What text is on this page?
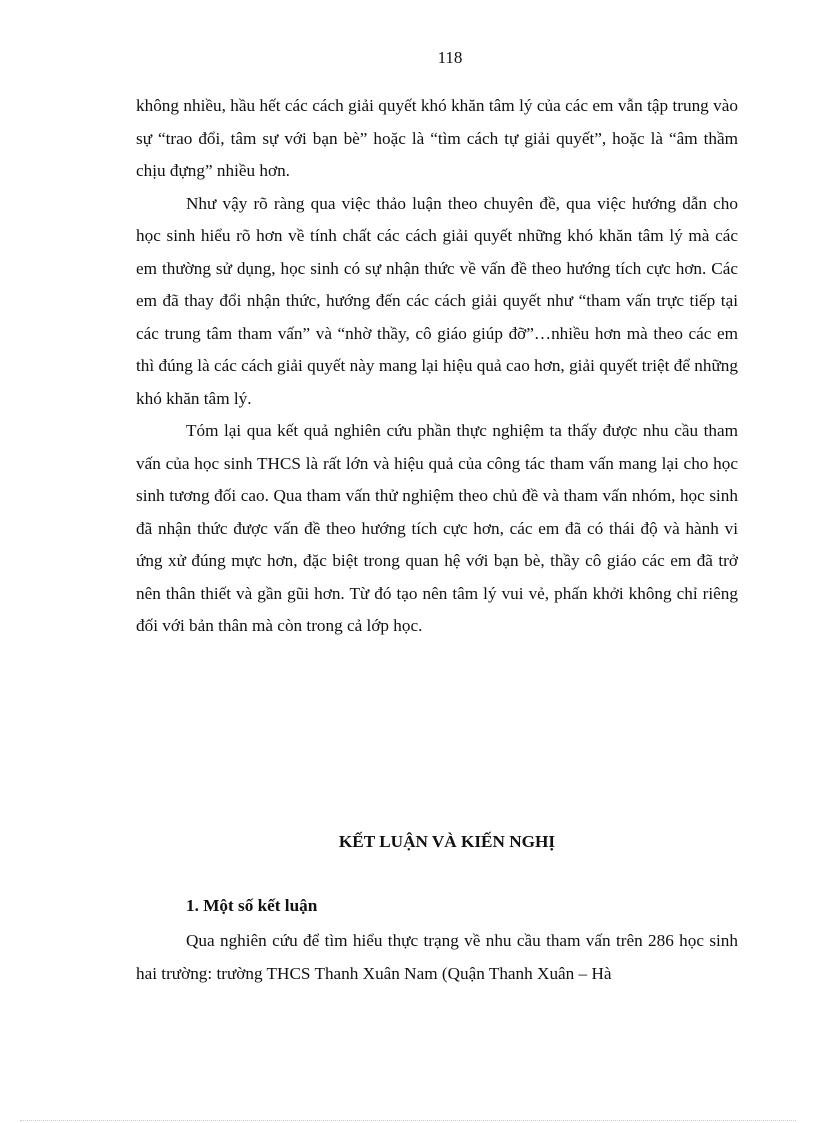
118

không nhiều, hầu hết các cách giải quyết khó khăn tâm lý của các em vẫn tập trung vào sự “trao đổi, tâm sự với bạn bè” hoặc là “tìm cách tự giải quyết”, hoặc là “âm thầm chịu đựng” nhiều hơn.

Như vậy rõ ràng qua việc thảo luận theo chuyên đề, qua việc hướng dẫn cho học sinh hiểu rõ hơn về tính chất các cách giải quyết những khó khăn tâm lý mà các em thường sử dụng, học sinh có sự nhận thức về vấn đề theo hướng tích cực hơn. Các em đã thay đổi nhận thức, hướng đến các cách giải quyết như “tham vấn trực tiếp tại các trung tâm tham vấn” và “nhờ thầy, cô giáo giúp đỡ”…nhiều hơn mà theo các em thì đúng là các cách giải quyết này mang lại hiệu quả cao hơn, giải quyết triệt để những khó khăn tâm lý.

Tóm lại qua kết quả nghiên cứu phần thực nghiệm ta thấy được nhu cầu tham vấn của học sinh THCS là rất lớn và hiệu quả của công tác tham vấn mang lại cho học sinh tương đối cao. Qua tham vấn thử nghiệm theo chủ đề và tham vấn nhóm, học sinh đã nhận thức được vấn đề theo hướng tích cực hơn, các em đã có thái độ và hành vi ứng xử đúng mực hơn, đặc biệt trong quan hệ với bạn bè, thầy cô giáo các em đã trở nên thân thiết và gần gũi hơn. Từ đó tạo nên tâm lý vui vẻ, phấn khởi không chỉ riêng đối với bản thân mà còn trong cả lớp học.

KẾT LUẬN VÀ KIẾN NGHỊ
1. Một số kết luận

Qua nghiên cứu để tìm hiểu thực trạng về nhu cầu tham vấn trên 286 học sinh hai trường: trường THCS Thanh Xuân Nam (Quận Thanh Xuân – Hà
